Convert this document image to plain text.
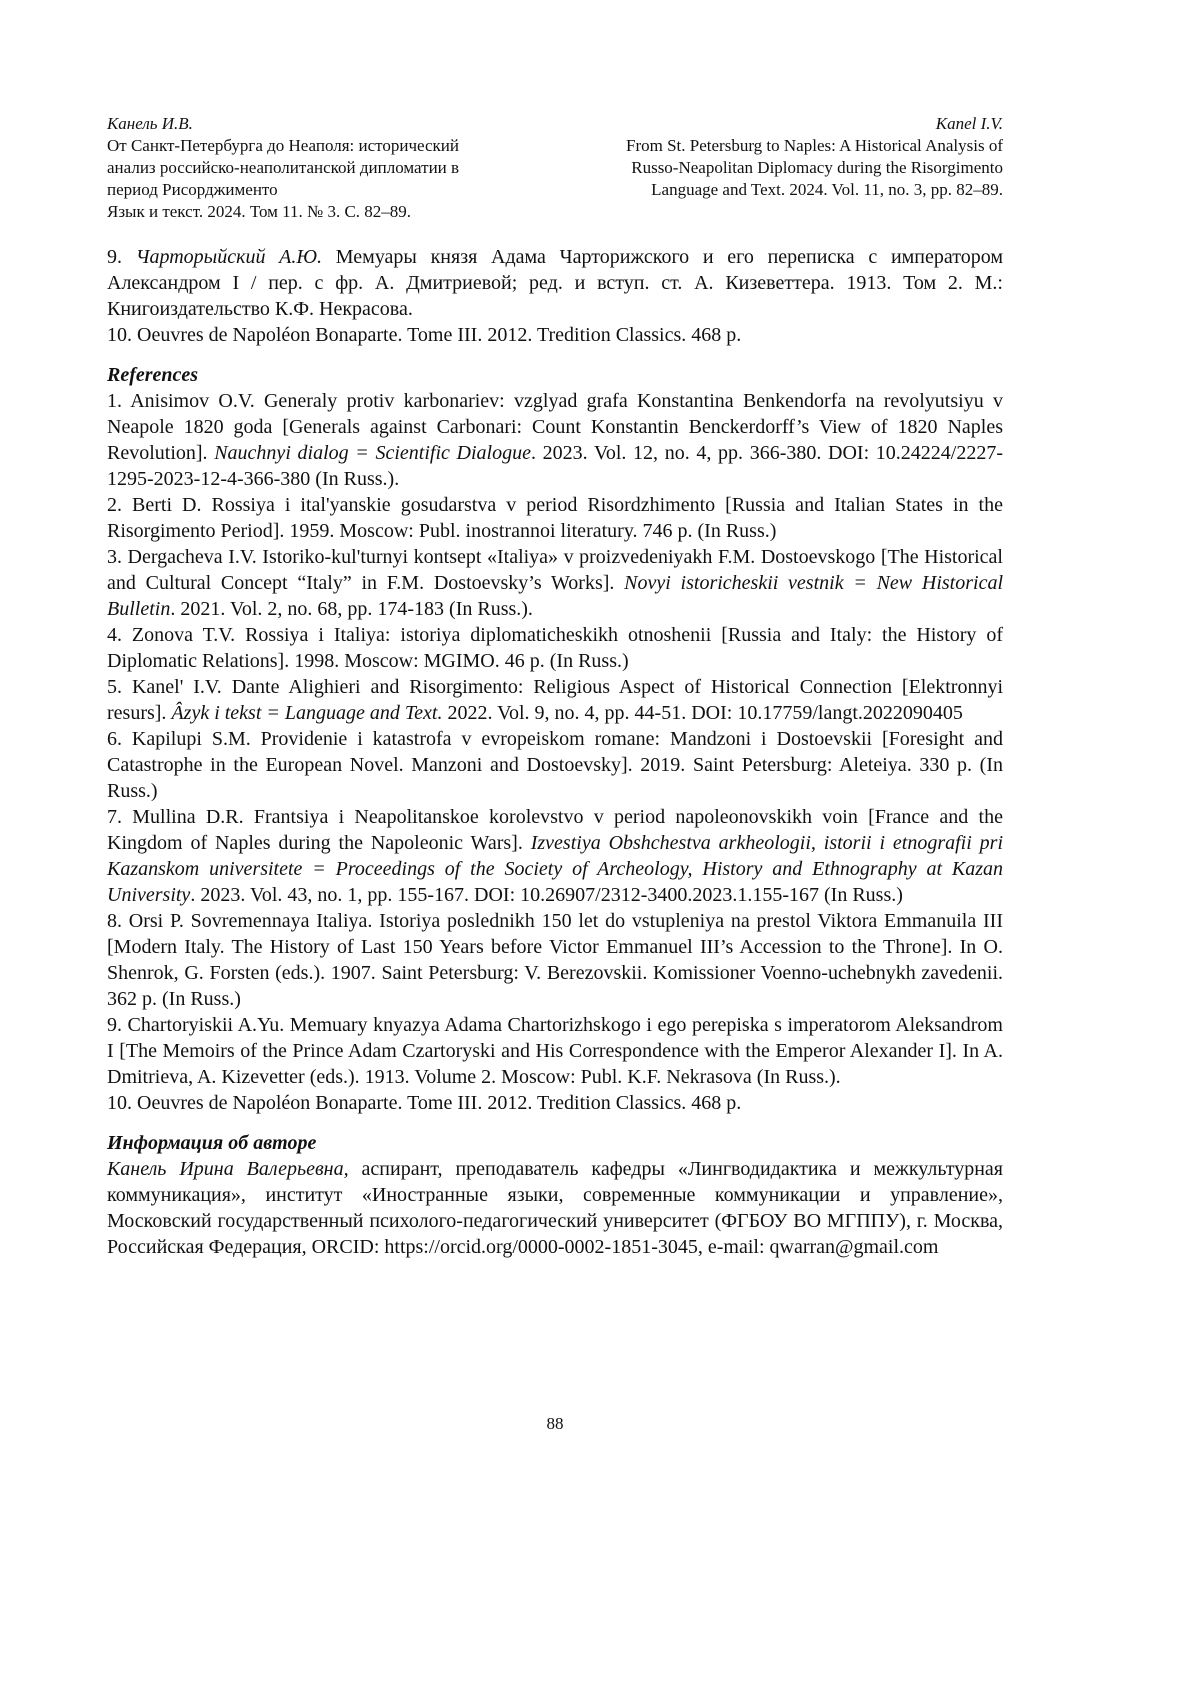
Канель И.В.
От Санкт-Петербурга до Неаполя: исторический
анализ российско-неаполитанской дипломатии в
период Рисорджименто
Язык и текст. 2024. Том 11. № 3. С. 82–89.
Kanel I.V.
From St. Petersburg to Naples: A Historical Analysis of
Russo-Neapolitan Diplomacy during the Risorgimento
Language and Text. 2024. Vol. 11, no. 3, pp. 82–89.

9. Чарторыйский А.Ю. Мемуары князя Адама Чарторижского и его переписка с императором Александром I / пер. с фр. А. Дмитриевой; ред. и вступ. ст. А. Кизеветтера. 1913. Том 2. М.: Книгоиздательство К.Ф. Некрасова.

10. Oeuvres de Napoléon Bonaparte. Tome III. 2012. Tredition Classics. 468 p.

References

1. Anisimov O.V. Generaly protiv karbonariev: vzglyad grafa Konstantina Benkendorfa na revolyutsiyu v Neapole 1820 goda [Generals against Carbonari: Count Konstantin Benckerdorff’s View of 1820 Naples Revolution]. Nauchnyi dialog = Scientific Dialogue. 2023. Vol. 12, no. 4, pp. 366-380. DOI: 10.24224/2227-1295-2023-12-4-366-380 (In Russ.).

2. Berti D. Rossiya i ital'yanskie gosudarstva v period Risordzhimento [Russia and Italian States in the Risorgimento Period]. 1959. Moscow: Publ. inostrannoi literatury. 746 p. (In Russ.)

3. Dergacheva I.V. Istoriko-kul'turnyi kontsept «Italiya» v proizvedeniyakh F.M. Dostoevskogo [The Historical and Cultural Concept “Italy” in F.M. Dostoevsky’s Works]. Novyi istoricheskii vestnik = New Historical Bulletin. 2021. Vol. 2, no. 68, pp. 174-183 (In Russ.).

4. Zonova T.V. Rossiya i Italiya: istoriya diplomaticheskikh otnoshenii [Russia and Italy: the History of Diplomatic Relations]. 1998. Moscow: MGIMO. 46 p. (In Russ.)

5. Kanel' I.V. Dante Alighieri and Risorgimento: Religious Aspect of Historical Connection [Elektronnyi resurs]. Âzyk i tekst = Language and Text. 2022. Vol. 9, no. 4, pp. 44-51. DOI: 10.17759/langt.2022090405

6. Kapilupi S.M. Providenie i katastrofa v evropeiskom romane: Mandzoni i Dostoevskii [Foresight and Catastrophe in the European Novel. Manzoni and Dostoevsky]. 2019. Saint Petersburg: Aleteiya. 330 p. (In Russ.)

7. Mullina D.R. Frantsiya i Neapolitanskoe korolevstvo v period napoleonovskikh voin [France and the Kingdom of Naples during the Napoleonic Wars]. Izvestiya Obshchestva arkheologii, istorii i etnografii pri Kazanskom universitete = Proceedings of the Society of Archeology, History and Ethnography at Kazan University. 2023. Vol. 43, no. 1, pp. 155-167. DOI: 10.26907/2312-3400.2023.1.155-167 (In Russ.)

8. Orsi P. Sovremennaya Italiya. Istoriya poslednikh 150 let do vstupleniya na prestol Viktora Emmanuila III [Modern Italy. The History of Last 150 Years before Victor Emmanuel III’s Accession to the Throne]. In O. Shenrok, G. Forsten (eds.). 1907. Saint Petersburg: V. Berezovskii. Komissioner Voenno-uchebnykh zavedenii. 362 p. (In Russ.)

9. Chartoryiskii A.Yu. Memuary knyazya Adama Chartorizhskogo i ego perepiska s imperatorom Aleksandrom I [The Memoirs of the Prince Adam Czartoryski and His Correspondence with the Emperor Alexander I]. In A. Dmitrieva, A. Kizevetter (eds.). 1913. Volume 2. Moscow: Publ. K.F. Nekrasova (In Russ.).

10. Oeuvres de Napoléon Bonaparte. Tome III. 2012. Tredition Classics. 468 p.

Информация об авторе

Канель Ирина Валерьевна, аспирант, преподаватель кафедры «Лингводидактика и межкультурная коммуникация», институт «Иностранные языки, современные коммуникации и управление», Московский государственный психолого-педагогический университет (ФГБОУ ВО МГППУ), г. Москва, Российская Федерация, ORCID: https://orcid.org/0000-0002-1851-3045, e-mail: qwarran@gmail.com

88
